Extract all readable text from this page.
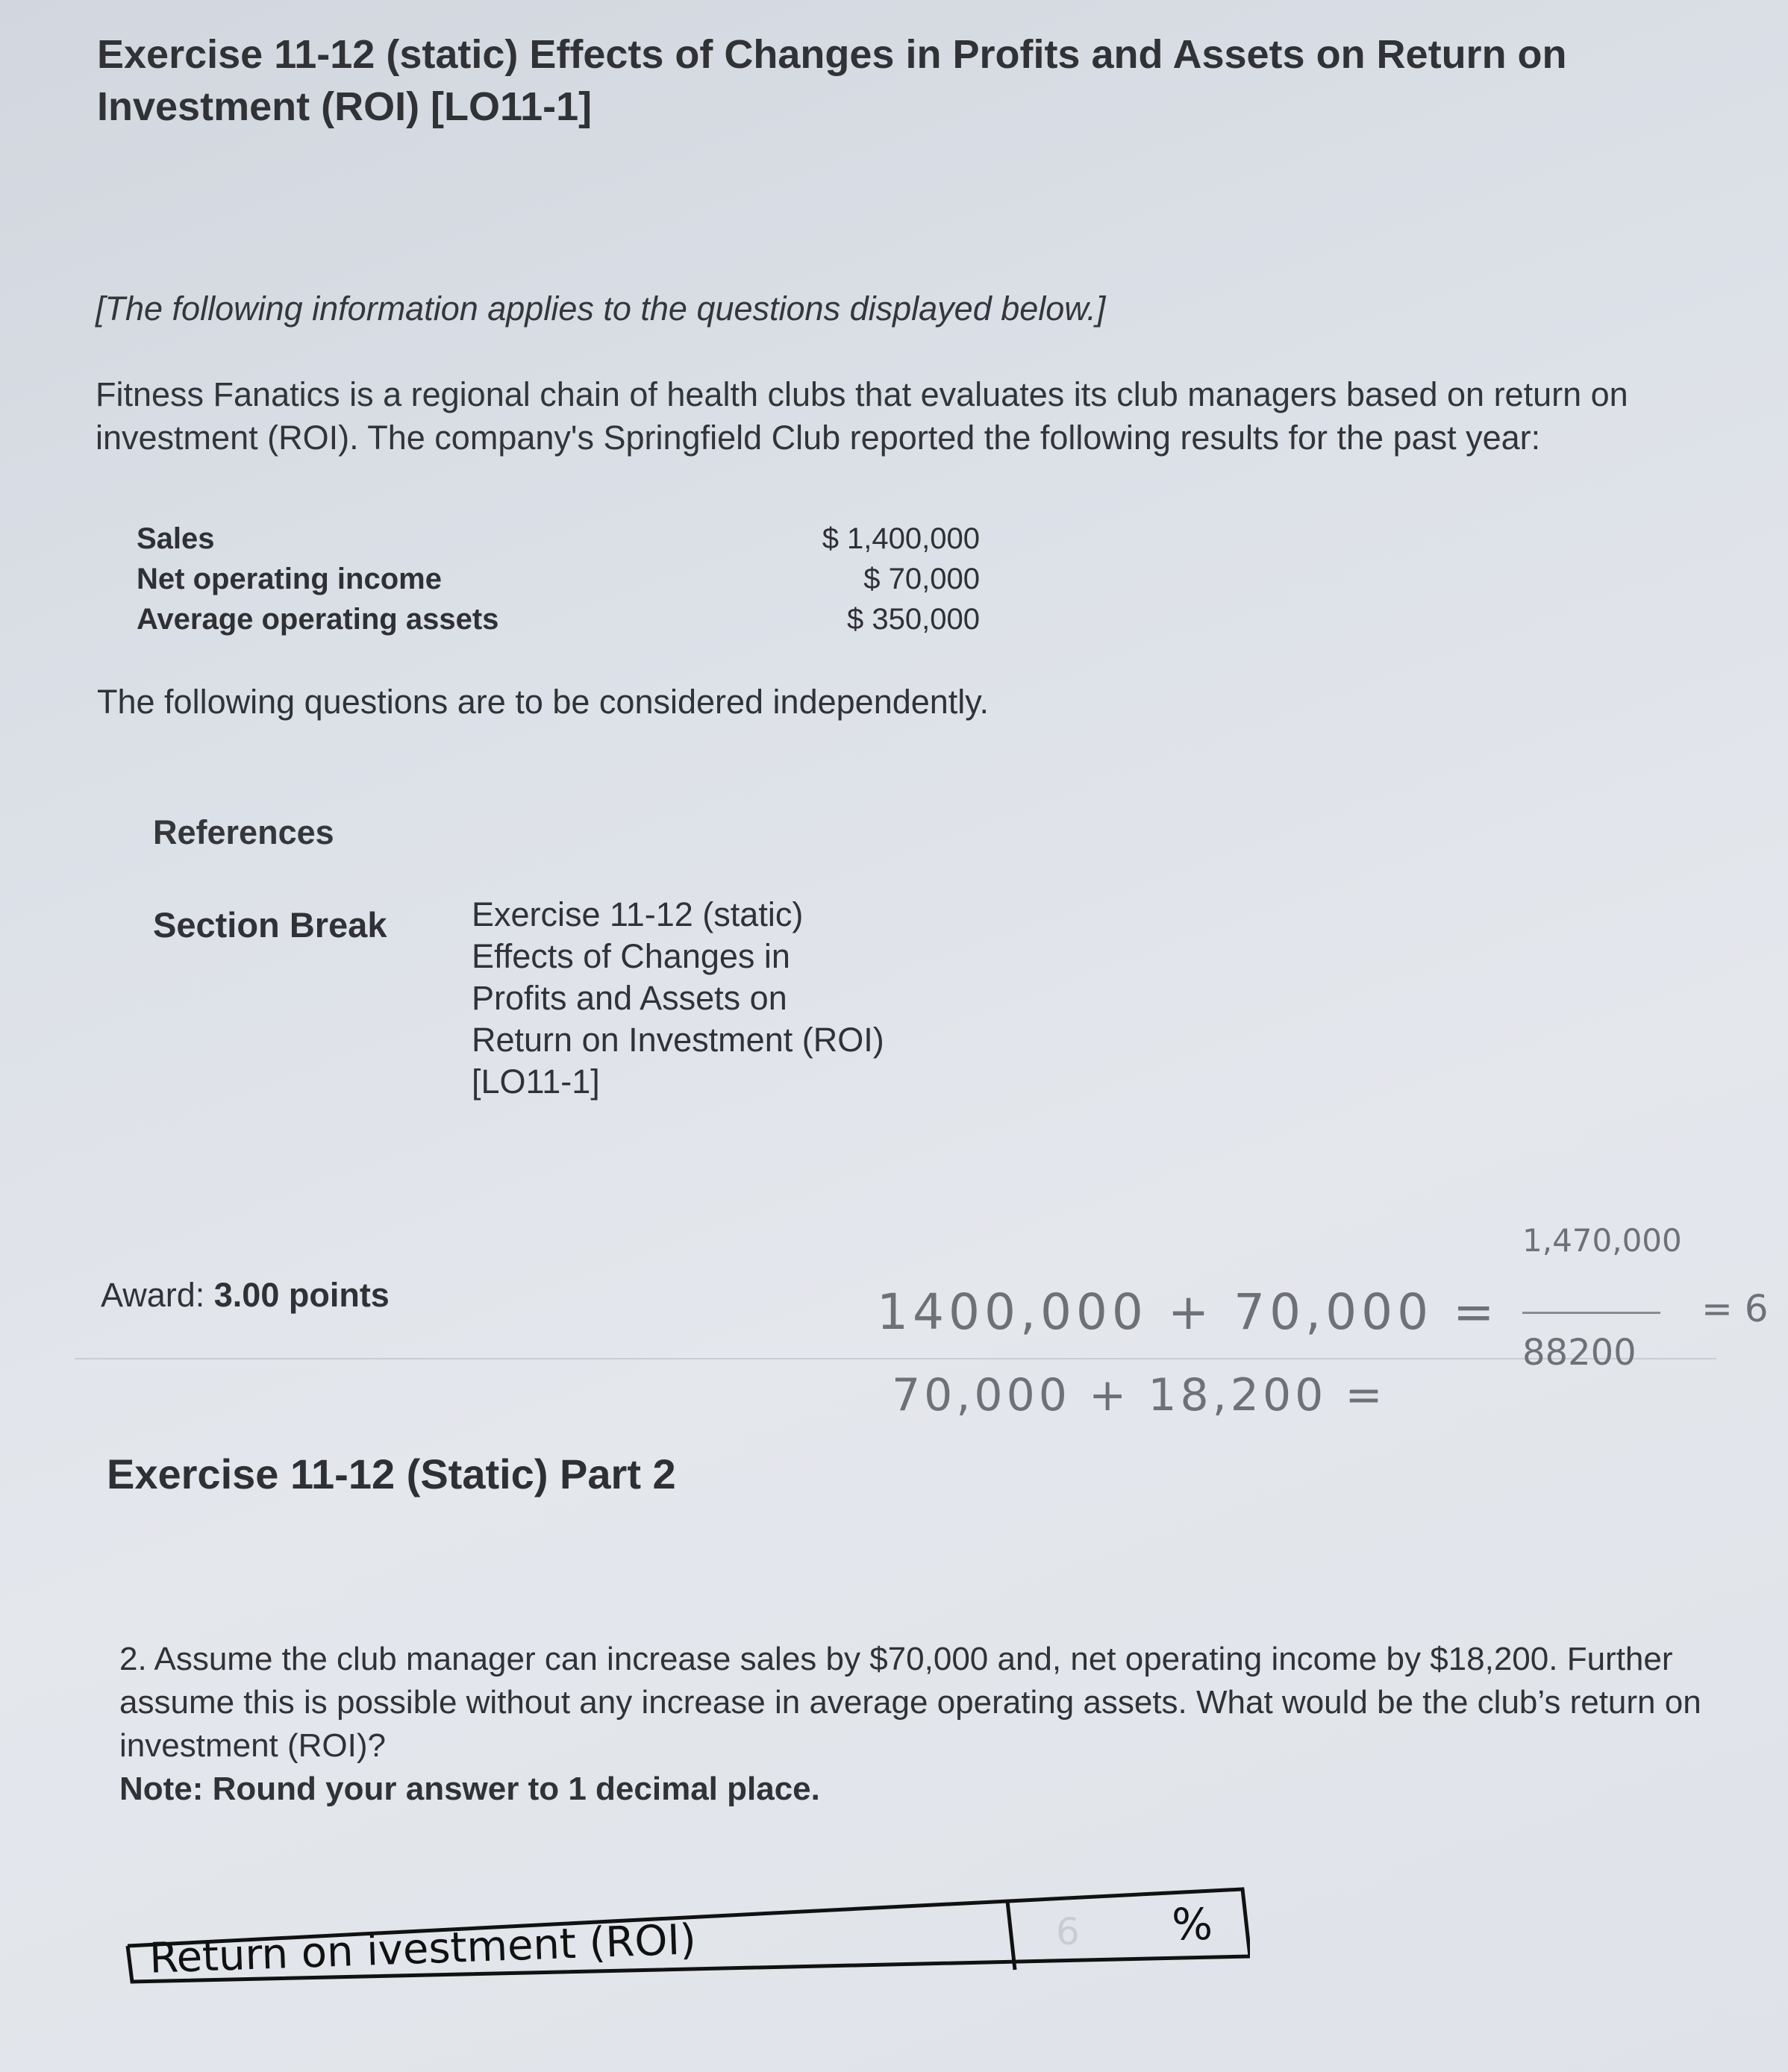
Exercise 11-12 (static) Effects of Changes in Profits and Assets on Return on Investment (ROI) [LO11-1]
[The following information applies to the questions displayed below.]
Fitness Fanatics is a regional chain of health clubs that evaluates its club managers based on return on investment (ROI). The company's Springfield Club reported the following results for the past year:
Sales	$ 1,400,000
Net operating income	$ 70,000
Average operating assets	$ 350,000
The following questions are to be considered independently.
References
Section Break	Exercise 11-12 (static) Effects of Changes in Profits and Assets on Return on Investment (ROI) [LO11-1]
Award: 3.00 points	1400,000 + 70,000 =
1,470,000
= 6
70,000 + 18,200 =
88200
Exercise 11-12 (Static) Part 2
2. Assume the club manager can increase sales by $70,000 and, net operating income by $18,200. Further assume this is possible without any increase in average operating assets. What would be the club’s return on investment (ROI)?
Note: Round your answer to 1 decimal place.
Return on ivestment (ROI)	6 %
